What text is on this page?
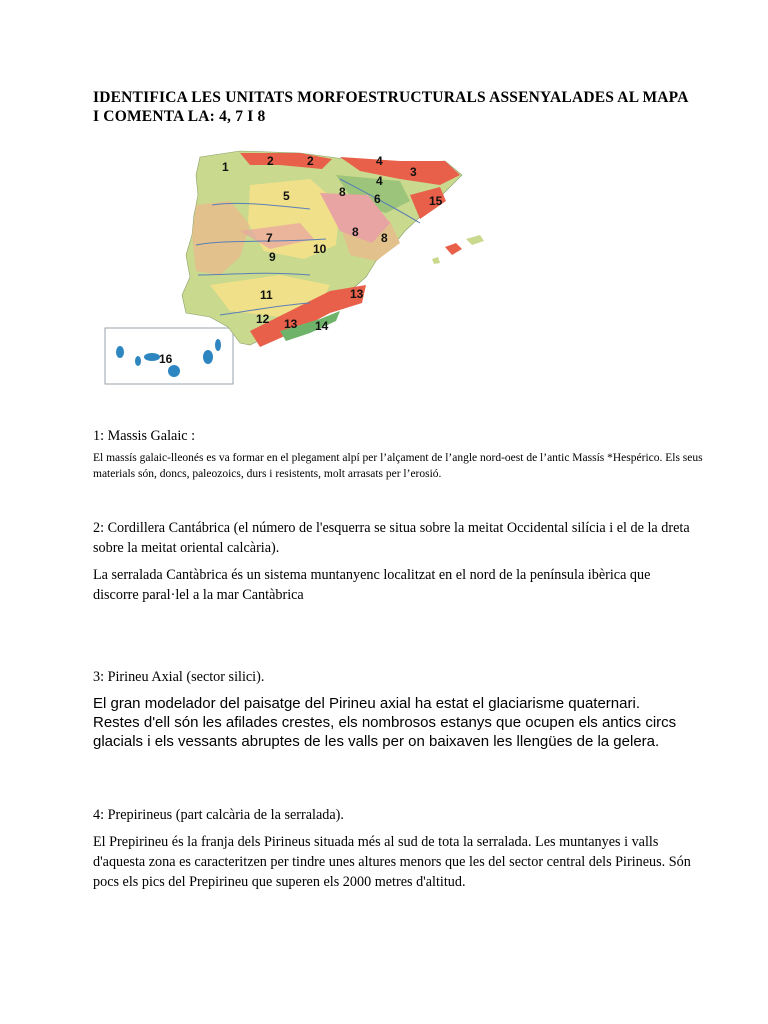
IDENTIFICA LES UNITATS MORFOESTRUCTURALS ASSENYALADES AL MAPA I COMENTA LA: 4, 7 I 8
1	2	2	4
3
4
5	8 6	15
8 8
7
10
9
11	13
12 13 14
16
1: Massis Galaic :
El massís galaic-lleonés es va formar en el plegament alpí per l’alçament de l’angle nord-oest de l’antic Massís *Hespérico. Els seus materials són, doncs, paleozoics, durs i resistents, molt arrasats per l’erosió.
2: Cordillera Cantábrica (el número de l'esquerra se situa sobre la meitat Occidental silícia i el de la dreta sobre la meitat oriental calcària).
La serralada Cantàbrica és un sistema muntanyenc localitzat en el nord de la península ibèrica que discorre paral·lel a la mar Cantàbrica
3: Pirineu Axial (sector silici).
El gran modelador del paisatge del Pirineu axial ha estat el glaciarisme quaternari. Restes d'ell són les afilades crestes, els nombrosos estanys que ocupen els antics circs glacials i els vessants abruptes de les valls per on baixaven les llengües de la gelera.
4: Prepirineus (part calcària de la serralada).
El Prepirineu és la franja dels Pirineus situada més al sud de tota la serralada. Les muntanyes i valls d'aquesta zona es caracteritzen per tindre unes altures menors que les del sector central dels Pirineus. Són pocs els pics del Prepirineu que superen els 2000 metres d'altitud.
